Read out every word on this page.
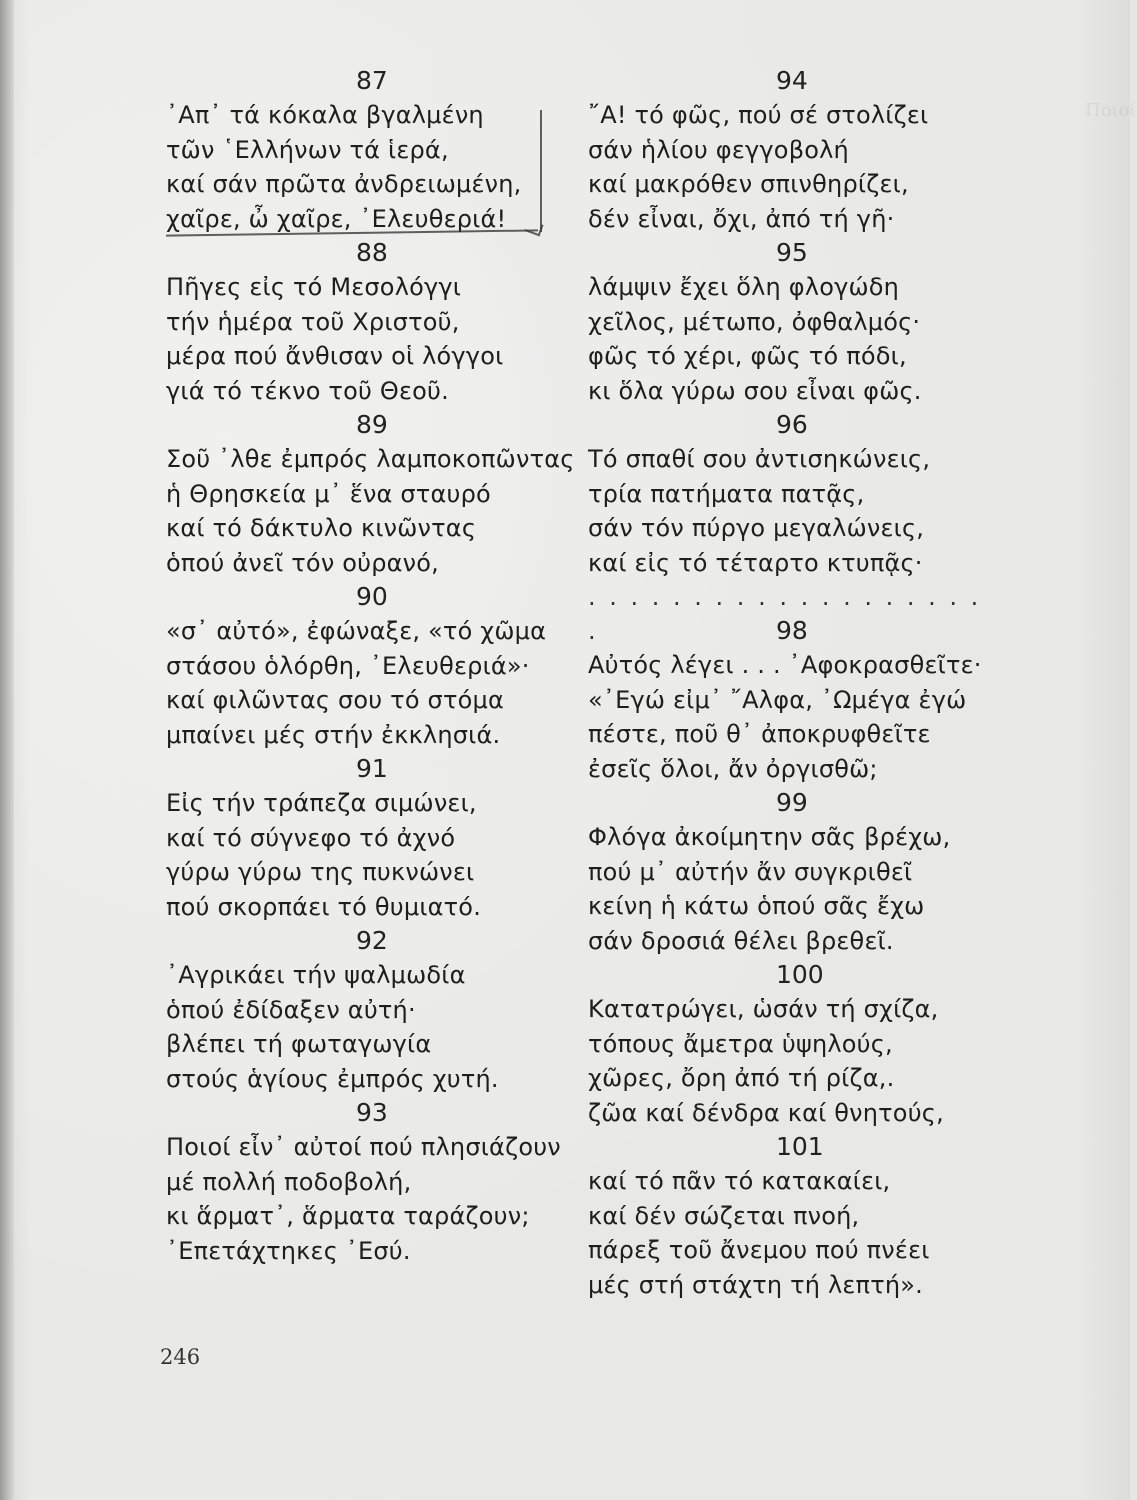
Ποιοί
87
᾿Απ᾿ τά κόκαλα βγαλμένη
τῶν ῾Ελλήνων τά ἱερά,
καί σάν πρῶτα ἀνδρειωμένη,
χαῖρε, ὦ χαῖρε, ᾿Ελευθεριά!
88
Πῆγες εἰς τό Μεσολόγγι
τήν ἡμέρα τοῦ Χριστοῦ,
μέρα πού ἄνθισαν οἱ λόγγοι
γιά τό τέκνο τοῦ Θεοῦ.
89
Σοῦ ᾿λθε ἐμπρός λαμποκοπῶντας
ἡ Θρησκεία μ᾿ ἕνα σταυρό
καί τό δάκτυλο κινῶντας
ὁπού ἀνεῖ τόν οὐρανό,
90
«σ᾿ αὐτό», ἐφώναξε, «τό χῶμα
στάσου ὁλόρθη, ᾿Ελευθεριά»·
καί φιλῶντας σου τό στόμα
μπαίνει μές στήν ἐκκλησιά.
91
Εἰς τήν τράπεζα σιμώνει,
καί τό σύγνεφο τό ἀχνό
γύρω γύρω της πυκνώνει
πού σκορπάει τό θυμιατό.
92
᾿Αγρικάει τήν ψαλμωδία
ὁπού ἐδίδαξεν αὐτή·
βλέπει τή φωταγωγία
στούς ἁγίους ἐμπρός χυτή.
93
Ποιοί εἶν᾿ αὐτοί πού πλησιάζουν
μέ πολλή ποδοβολή,
κι ἅρματ᾿, ἅρματα ταράζουν;
᾿Επετάχτηκες ᾿Εσύ.
94
῎Α! τό φῶς, πού σέ στολίζει
σάν ἡλίου φεγγοβολή
καί μακρόθεν σπινθηρίζει,
δέν εἶναι, ὄχι, ἀπό τή γῆ·
95
λάμψιν ἔχει ὅλη φλογώδη
χεῖλος, μέτωπο, ὀφθαλμός·
φῶς τό χέρι, φῶς τό πόδι,
κι ὅλα γύρω σου εἶναι φῶς.
96
Τό σπαθί σου ἀντισηκώνεις,
τρία πατήματα πατᾷς,
σάν τόν πύργο μεγαλώνεις,
καί εἰς τό τέταρτο κτυπᾷς·
. . . . . . . . . . . . . . . . . . . .	98
Αὐτός λέγει . . . ᾿Αφοκρασθεῖτε·
«᾿Εγώ εἰμ᾿ ῎Αλφα, ᾿Ωμέγα ἐγώ
πέστε, ποῦ θ᾿ ἀποκρυφθεῖτε
ἐσεῖς ὅλοι, ἄν ὀργισθῶ;
99
Φλόγα ἀκοίμητην σᾶς βρέχω,
πού μ᾿ αὐτήν ἄν συγκριθεῖ
κείνη ἡ κάτω ὁπού σᾶς ἔχω
σάν δροσιά θέλει βρεθεῖ.
100
Κατατρώγει, ὡσάν τή σχίζα,
τόπους ἄμετρα ὑψηλούς,
χῶρες, ὄρη ἀπό τή ρίζα,.
ζῶα καί δένδρα καί θνητούς,
101
καί τό πᾶν τό κατακαίει,
καί δέν σώζεται πνοή,
πάρεξ τοῦ ἄνεμου πού πνέει
μές στή στάχτη τή λεπτή».
246
